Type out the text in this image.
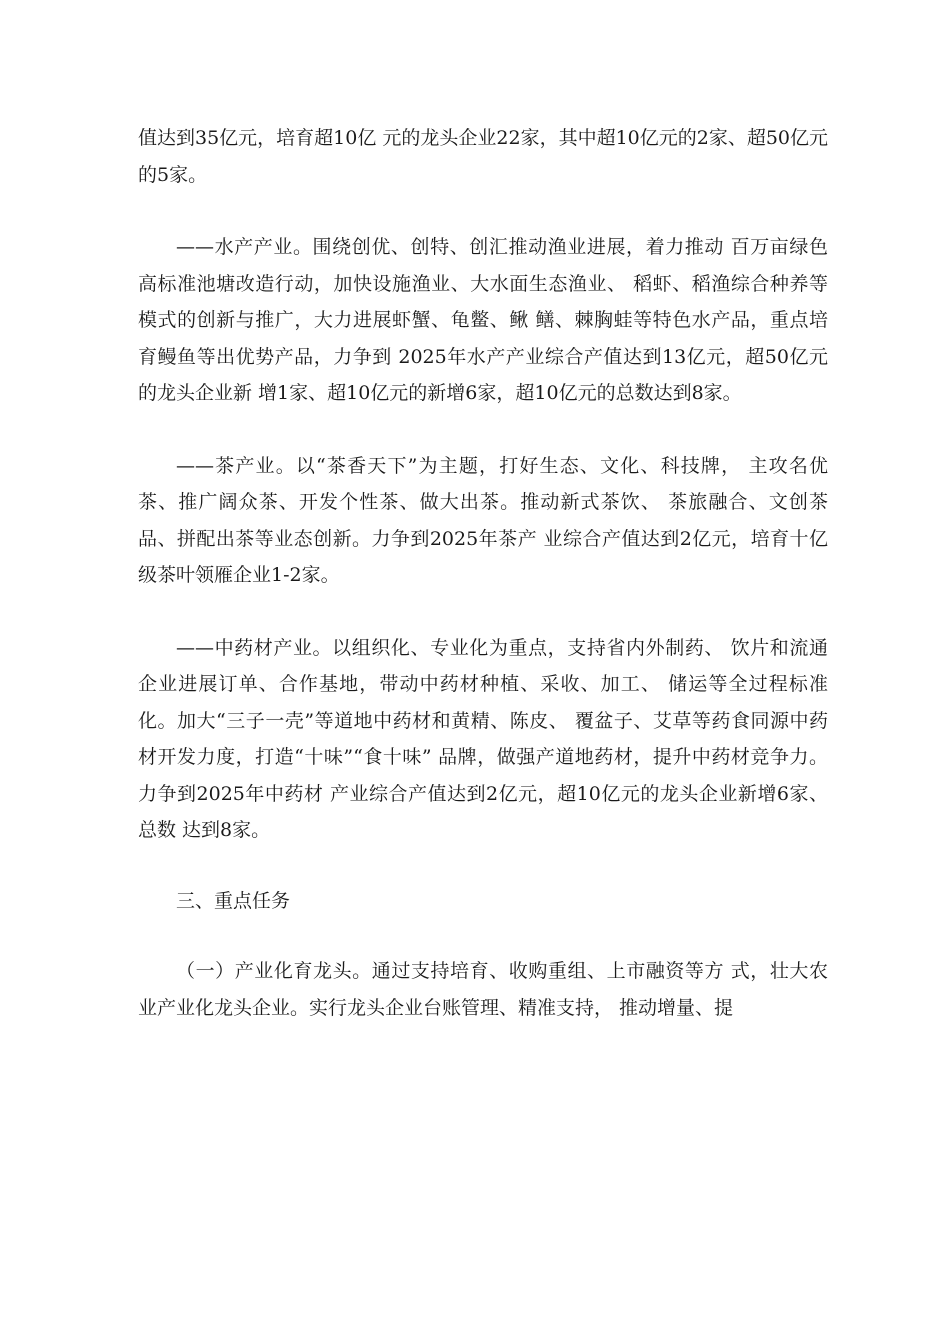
值达到35亿元，培育超10亿 元的龙头企业22家，其中超10亿元的2家、超50亿元的5家。

——水产产业。围绕创优、创特、创汇推动渔业进展，着力推动 百万亩绿色高标准池塘改造行动，加快设施渔业、大水面生态渔业、 稻虾、稻渔综合种养等模式的创新与推广，大力进展虾蟹、龟鳖、鳅 鳝、棘胸蛙等特色水产品，重点培育鳗鱼等出优势产品，力争到 2025年水产产业综合产值达到13亿元，超50亿元的龙头企业新 增1家、超10亿元的新增6家，超10亿元的总数达到8家。

——茶产业。以“茶香天下”为主题，打好生态、文化、科技牌， 主攻名优茶、推广阔众茶、开发个性茶、做大出茶。推动新式茶饮、 茶旅融合、文创茶品、拼配出茶等业态创新。力争到2025年茶产 业综合产值达到2亿元，培育十亿级茶叶领雁企业1-2家。

——中药材产业。以组织化、专业化为重点，支持省内外制药、 饮片和流通企业进展订单、合作基地，带动中药材种植、采收、加工、 储运等全过程标准化。加大“三子一壳”等道地中药材和黄精、陈皮、 覆盆子、艾草等药食同源中药材开发力度，打造“十味”“食十味” 品牌，做强产道地药材，提升中药材竞争力。力争到2025年中药材 产业综合产值达到2亿元，超10亿元的龙头企业新增6家、总数 达到8家。

三、重点任务

（一）产业化育龙头。通过支持培育、收购重组、上市融资等方 式，壮大农业产业化龙头企业。实行龙头企业台账管理、精准支持， 推动增量、提
